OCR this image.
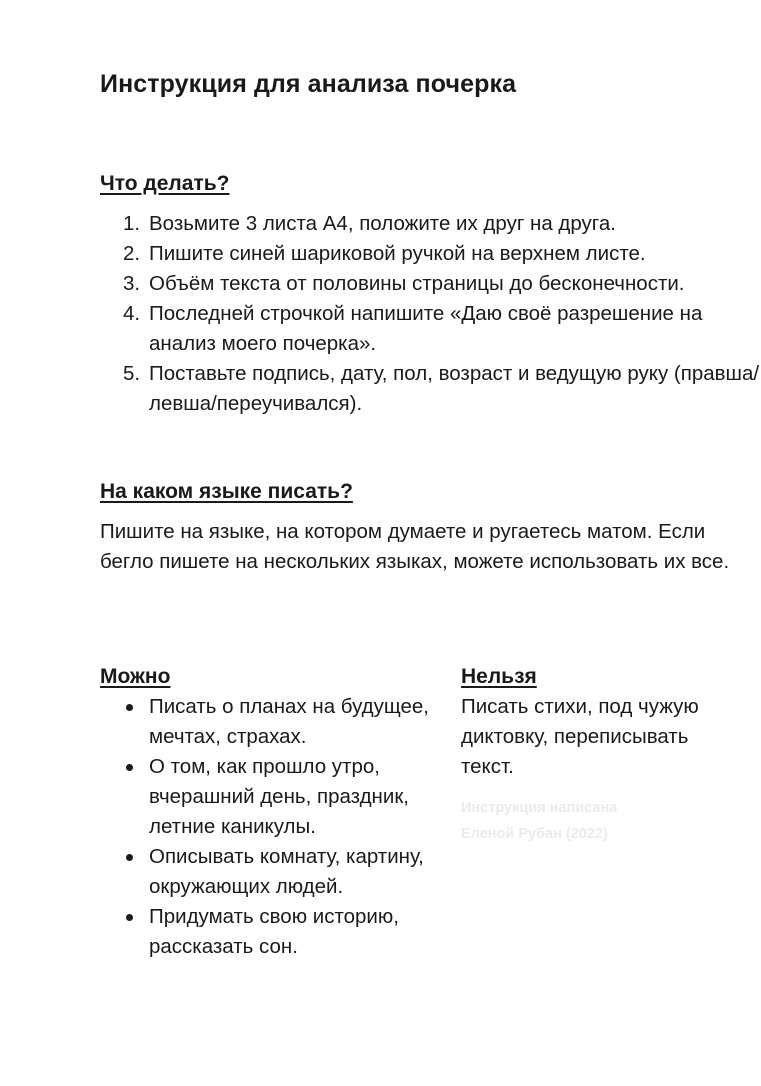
Инструкция для анализа почерка
Что делать?
Возьмите 3 листа А4, положите их друг на друга.
Пишите синей шариковой ручкой на верхнем листе.
Объём текста от половины страницы до бесконечности.
Последней строчкой напишите «Даю своё разрешение на анализ моего почерка».
Поставьте подпись, дату, пол, возраст и ведущую руку (правша/левша/переучивался).
На каком языке писать?
Пишите на языке, на котором думаете и ругаетесь матом. Если бегло пишете на нескольких языках, можете использовать их все.
Можно
Писать о планах на будущее, мечтах, страхах.
О том, как прошло утро, вчерашний день, праздник, летние каникулы.
Описывать комнату, картину, окружающих людей.
Придумать свою историю, рассказать сон.
Нельзя
Писать стихи, под чужую диктовку, переписывать текст.
Инструкция написана
Еленой Рубан (2022)
